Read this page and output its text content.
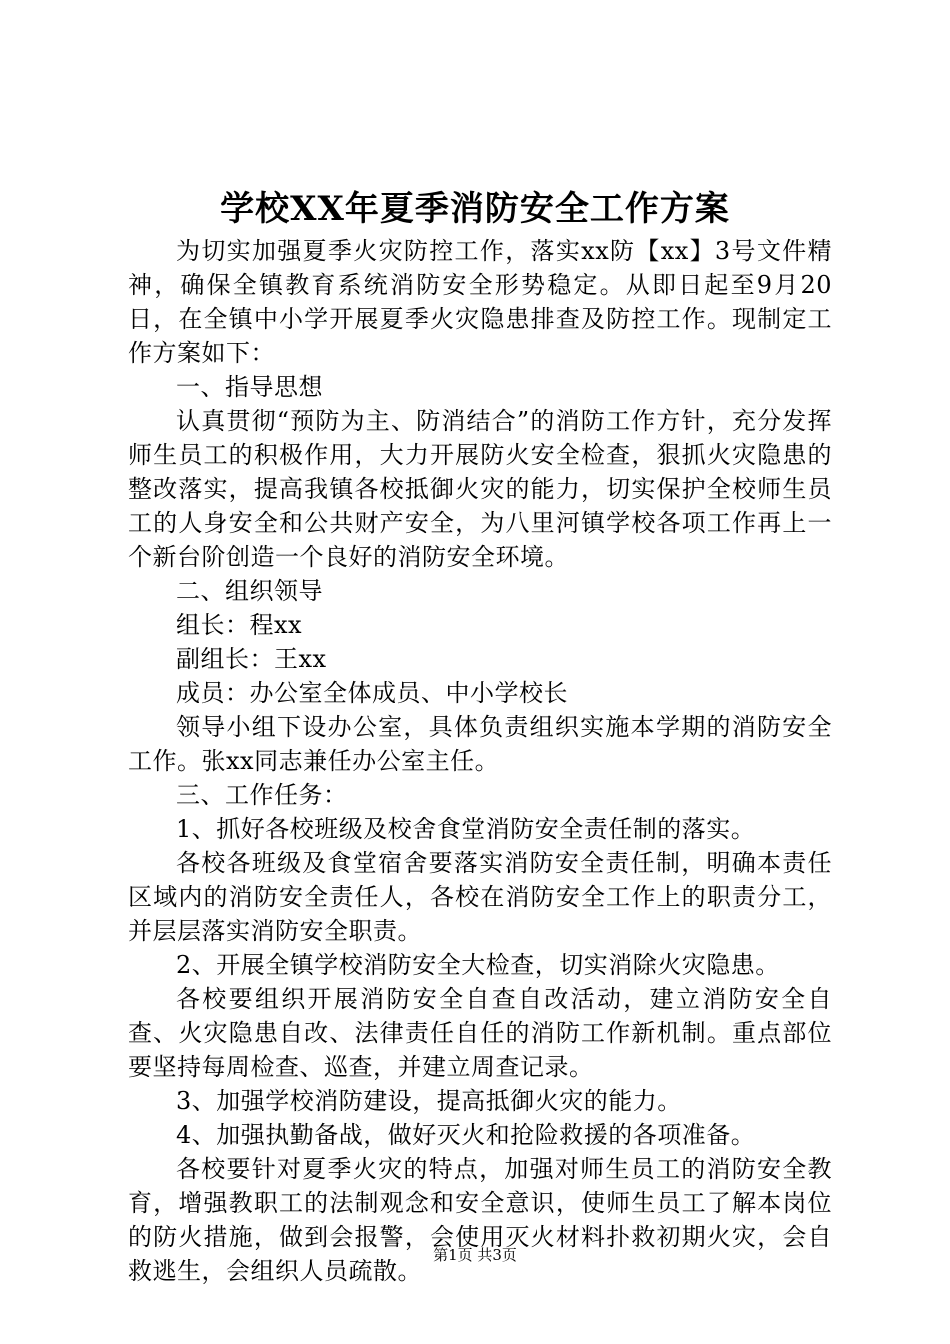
学校XX年夏季消防安全工作方案

为切实加强夏季火灾防控工作，落实xx防【xx】3号文件精神，确保全镇教育系统消防安全形势稳定。从即日起至9月20日，在全镇中小学开展夏季火灾隐患排查及防控工作。现制定工作方案如下：

一、指导思想

认真贯彻“预防为主、防消结合”的消防工作方针，充分发挥师生员工的积极作用，大力开展防火安全检查，狠抓火灾隐患的整改落实，提高我镇各校抵御火灾的能力，切实保护全校师生员工的人身安全和公共财产安全，为八里河镇学校各项工作再上一个新台阶创造一个良好的消防安全环境。

二、组织领导

组长：程xx

副组长：王xx

成员：办公室全体成员、中小学校长

领导小组下设办公室，具体负责组织实施本学期的消防安全工作。张xx同志兼任办公室主任。

三、工作任务：

1、抓好各校班级及校舍食堂消防安全责任制的落实。

各校各班级及食堂宿舍要落实消防安全责任制，明确本责任区域内的消防安全责任人，各校在消防安全工作上的职责分工，并层层落实消防安全职责。

2、开展全镇学校消防安全大检查，切实消除火灾隐患。

各校要组织开展消防安全自查自改活动，建立消防安全自查、火灾隐患自改、法律责任自任的消防工作新机制。重点部位要坚持每周检查、巡查，并建立周查记录。

3、加强学校消防建设，提高抵御火灾的能力。

4、加强执勤备战，做好灭火和抢险救援的各项准备。

各校要针对夏季火灾的特点，加强对师生员工的消防安全教育，增强教职工的法制观念和安全意识，使师生员工了解本岗位的防火措施，做到会报警，会使用灭火材料扑救初期火灾，会自救逃生，会组织人员疏散。

第1页 共3页
